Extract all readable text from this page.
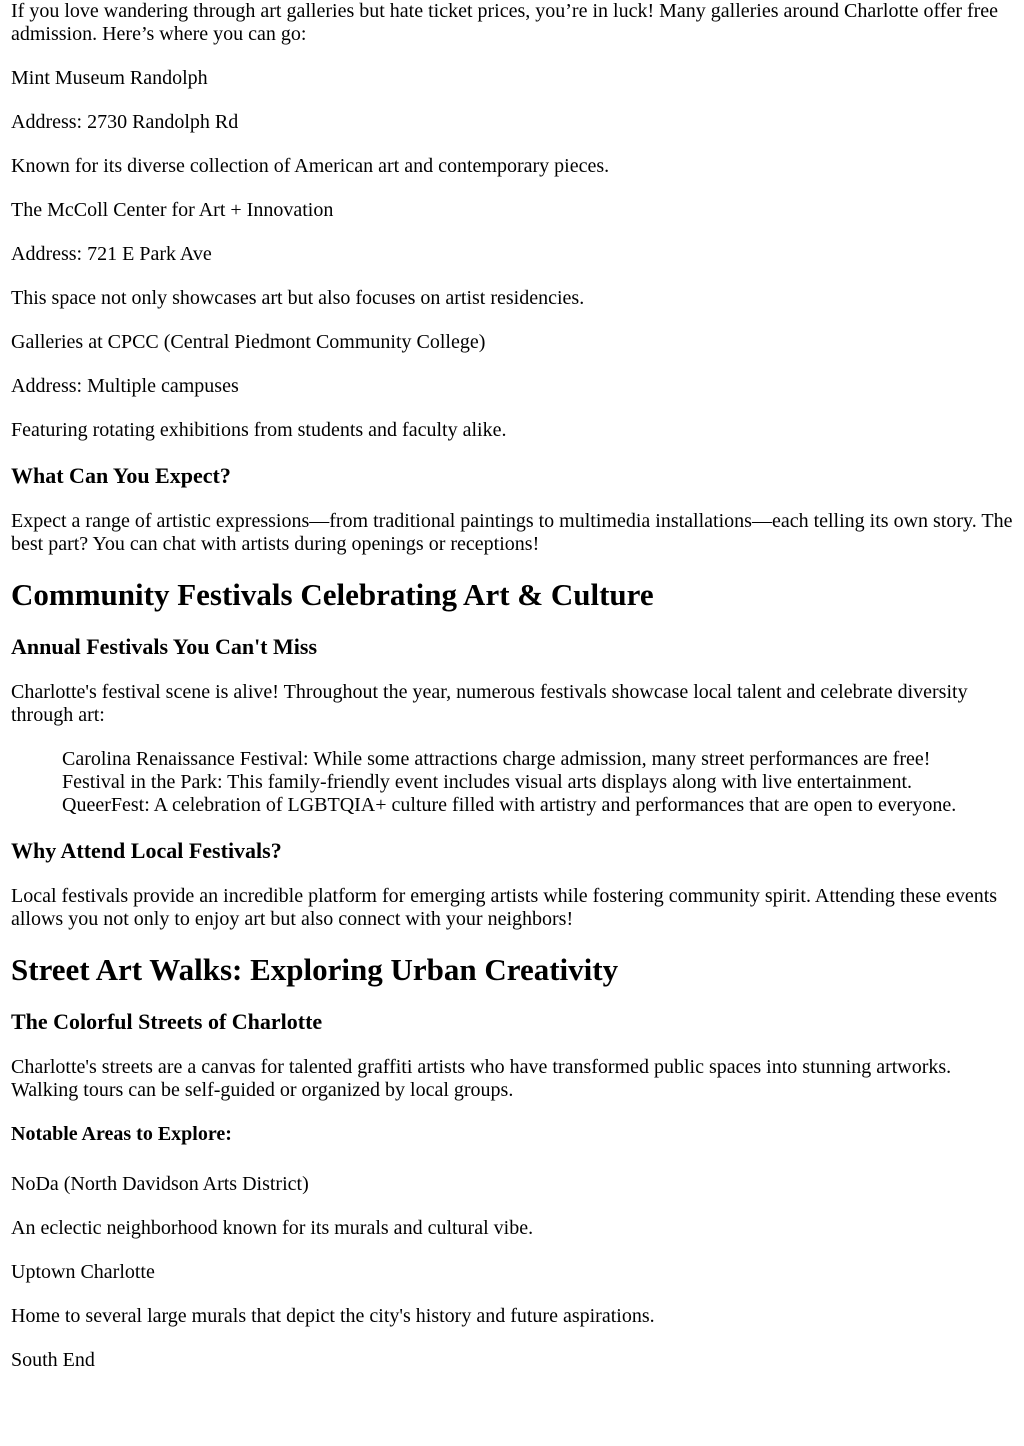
If you love wandering through art galleries but hate ticket prices, you’re in luck! Many galleries around Charlotte offer free admission. Here’s where you can go:

Mint Museum Randolph

Address: 2730 Randolph Rd

Known for its diverse collection of American art and contemporary pieces.

The McColl Center for Art + Innovation

Address: 721 E Park Ave

This space not only showcases art but also focuses on artist residencies.

Galleries at CPCC (Central Piedmont Community College)

Address: Multiple campuses

Featuring rotating exhibitions from students and faculty alike.

What Can You Expect?

Expect a range of artistic expressions—from traditional paintings to multimedia installations—each telling its own story. The best part? You can chat with artists during openings or receptions!

Community Festivals Celebrating Art & Culture
Annual Festivals You Can't Miss

Charlotte's festival scene is alive! Throughout the year, numerous festivals showcase local talent and celebrate diversity through art:

Carolina Renaissance Festival: While some attractions charge admission, many street performances are free!
Festival in the Park: This family-friendly event includes visual arts displays along with live entertainment.
QueerFest: A celebration of LGBTQIA+ culture filled with artistry and performances that are open to everyone.
Why Attend Local Festivals?

Local festivals provide an incredible platform for emerging artists while fostering community spirit. Attending these events allows you not only to enjoy art but also connect with your neighbors!

Street Art Walks: Exploring Urban Creativity
The Colorful Streets of Charlotte

Charlotte's streets are a canvas for talented graffiti artists who have transformed public spaces into stunning artworks. Walking tours can be self-guided or organized by local groups.

Notable Areas to Explore:

NoDa (North Davidson Arts District)

An eclectic neighborhood known for its murals and cultural vibe.

Uptown Charlotte

Home to several large murals that depict the city's history and future aspirations.

South End
